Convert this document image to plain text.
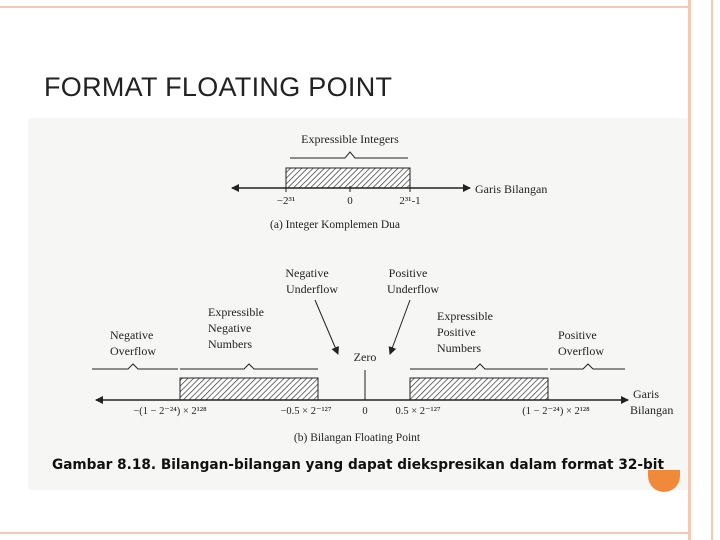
FORMAT FLOATING POINT
Expressible Integers
Garis Bilangan
−2³¹	0	2³¹-1
(a) Integer Komplemen Dua
Negative
Underflow
Positive
Underflow
Expressible
Negative
Numbers
Expressible
Positive
Numbers
Negative
Overflow
Positive
Overflow
Zero
Garis
Bilangan
−(1 − 2⁻²⁴) × 2¹²⁸	−0.5 × 2⁻¹²⁷	0	0.5 × 2⁻¹²⁷	(1 − 2⁻²⁴) × 2¹²⁸
(b) Bilangan Floating Point
Gambar 8.18. Bilangan-bilangan yang dapat diekspresikan dalam format 32-bit
